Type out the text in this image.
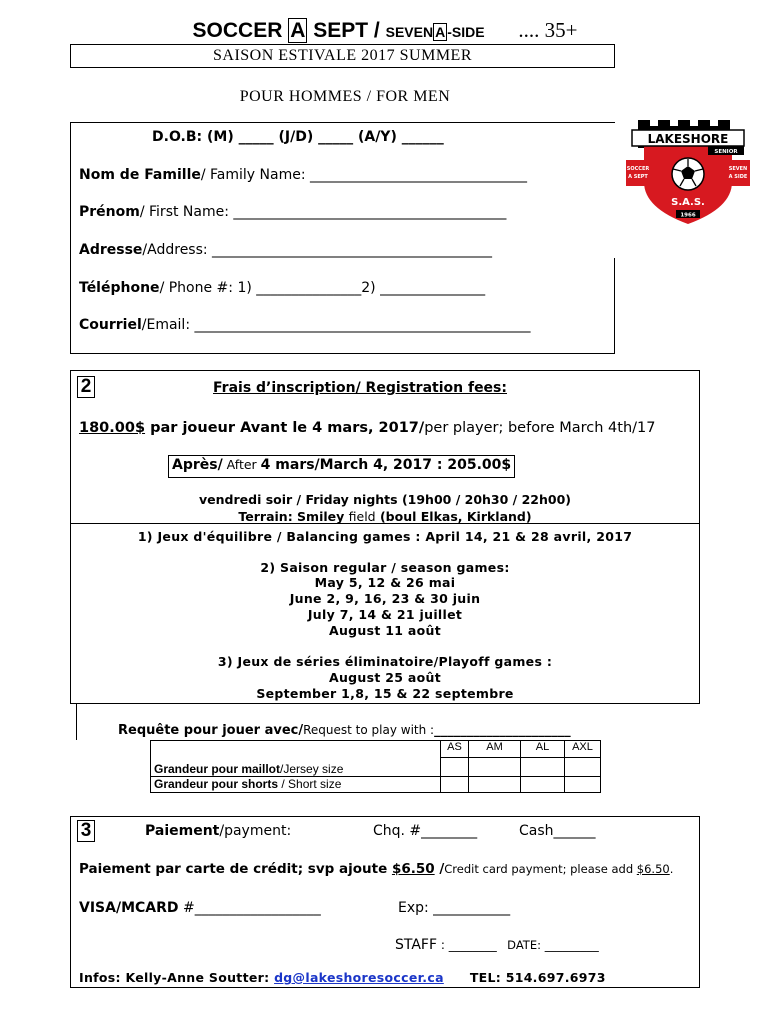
SOCCER A SEPT / SEVEN A -SIDE .... 35+
SAISON ESTIVALE 2017 SUMMER
POUR HOMMES / FOR MEN
D.O.B: (M) _____ (J/D) _____ (A/Y) ______
Nom de Famille/ Family Name: _______________________________
Prénom/ First Name: _______________________________________
Adresse/Address: ________________________________________
Téléphone/ Phone #: 1) _______________2) _______________
Courriel/Email: ________________________________________________
LAKESHORE
SENIOR
SOCCER
A SEPT
SEVEN
A SIDE
S.A.S.
1966
2	Frais d’inscription/ Registration fees:
180.00$ par joueur Avant le 4 mars, 2017/per player; before March 4th/17
Après/ After 4 mars/March 4, 2017 : 205.00$
vendredi soir / Friday nights (19h00 / 20h30 / 22h00)
Terrain: Smiley field (boul Elkas, Kirkland)
1) Jeux d'équilibre / Balancing games : April 14, 21 & 28 avril, 2017
2) Saison regular / season games:
May 5, 12 & 26 mai
June 2, 9, 16, 23 & 30 juin
July 7, 14 & 21 juillet
August 11 août
3) Jeux de séries éliminatoire/Playoff games :
August 25 août
September 1,8, 15 & 22 septembre
Requête pour jouer avec/Request to play with :_____________________
	AS	AM	AL	AXL
Grandeur pour maillot/Jersey size				
Grandeur pour shorts / Short size				
3	Paiement/payment:	Chq. #________	Cash______
Paiement par carte de crédit; svp ajoute $6.50 /Credit card payment; please add $6.50.
VISA/MCARD #__________________	Exp: ___________
STAFF : ________ DATE: _________
Infos: Kelly-Anne Soutter: dg@lakeshoresoccer.ca TEL: 514.697.6973
